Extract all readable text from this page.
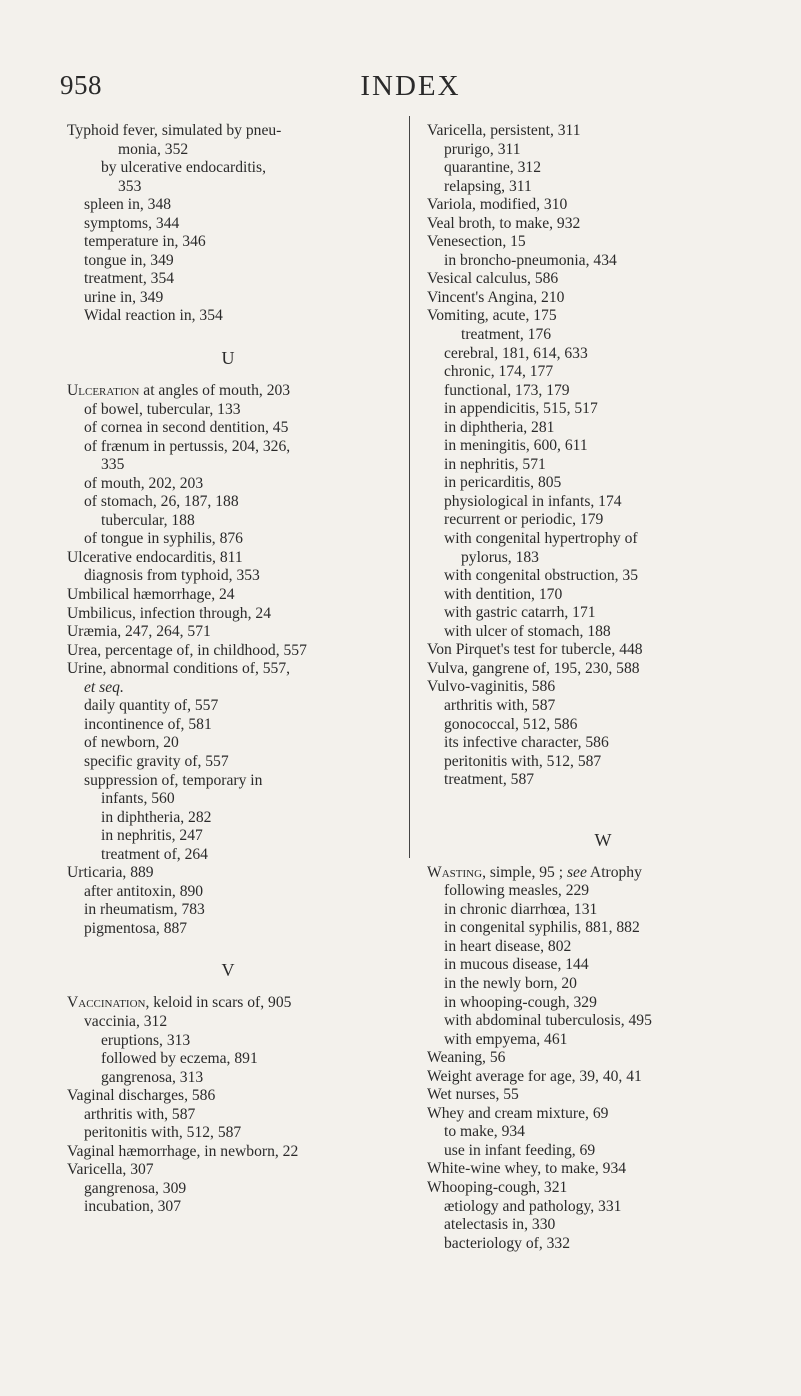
958	INDEX
Typhoid fever, simulated by pneu-
monia, 352
by ulcerative endocarditis,
353
spleen in, 348
symptoms, 344
temperature in, 346
tongue in, 349
treatment, 354
urine in, 349
Widal reaction in, 354
U
Ulceration at angles of mouth, 203
of bowel, tubercular, 133
of cornea in second dentition, 45
of frænum in pertussis, 204, 326,
335
of mouth, 202, 203
of stomach, 26, 187, 188
tubercular, 188
of tongue in syphilis, 876
Ulcerative endocarditis, 811
diagnosis from typhoid, 353
Umbilical hæmorrhage, 24
Umbilicus, infection through, 24
Uræmia, 247, 264, 571
Urea, percentage of, in childhood, 557
Urine, abnormal conditions of, 557,
et seq.
daily quantity of, 557
incontinence of, 581
of newborn, 20
specific gravity of, 557
suppression of, temporary in
infants, 560
in diphtheria, 282
in nephritis, 247
treatment of, 264
Urticaria, 889
after antitoxin, 890
in rheumatism, 783
pigmentosa, 887
V
Vaccination, keloid in scars of, 905
vaccinia, 312
eruptions, 313
followed by eczema, 891
gangrenosa, 313
Vaginal discharges, 586
arthritis with, 587
peritonitis with, 512, 587
Vaginal hæmorrhage, in newborn, 22
Varicella, 307
gangrenosa, 309
incubation, 307
Varicella, persistent, 311
prurigo, 311
quarantine, 312
relapsing, 311
Variola, modified, 310
Veal broth, to make, 932
Venesection, 15
in broncho-pneumonia, 434
Vesical calculus, 586
Vincent's Angina, 210
Vomiting, acute, 175
treatment, 176
cerebral, 181, 614, 633
chronic, 174, 177
functional, 173, 179
in appendicitis, 515, 517
in diphtheria, 281
in meningitis, 600, 611
in nephritis, 571
in pericarditis, 805
physiological in infants, 174
recurrent or periodic, 179
with congenital hypertrophy of
pylorus, 183
with congenital obstruction, 35
with dentition, 170
with gastric catarrh, 171
with ulcer of stomach, 188
Von Pirquet's test for tubercle, 448
Vulva, gangrene of, 195, 230, 588
Vulvo-vaginitis, 586
arthritis with, 587
gonococcal, 512, 586
its infective character, 586
peritonitis with, 512, 587
treatment, 587
W
Wasting, simple, 95 ; see Atrophy
following measles, 229
in chronic diarrhœa, 131
in congenital syphilis, 881, 882
in heart disease, 802
in mucous disease, 144
in the newly born, 20
in whooping-cough, 329
with abdominal tuberculosis, 495
with empyema, 461
Weaning, 56
Weight average for age, 39, 40, 41
Wet nurses, 55
Whey and cream mixture, 69
to make, 934
use in infant feeding, 69
White-wine whey, to make, 934
Whooping-cough, 321
ætiology and pathology, 331
atelectasis in, 330
bacteriology of, 332
